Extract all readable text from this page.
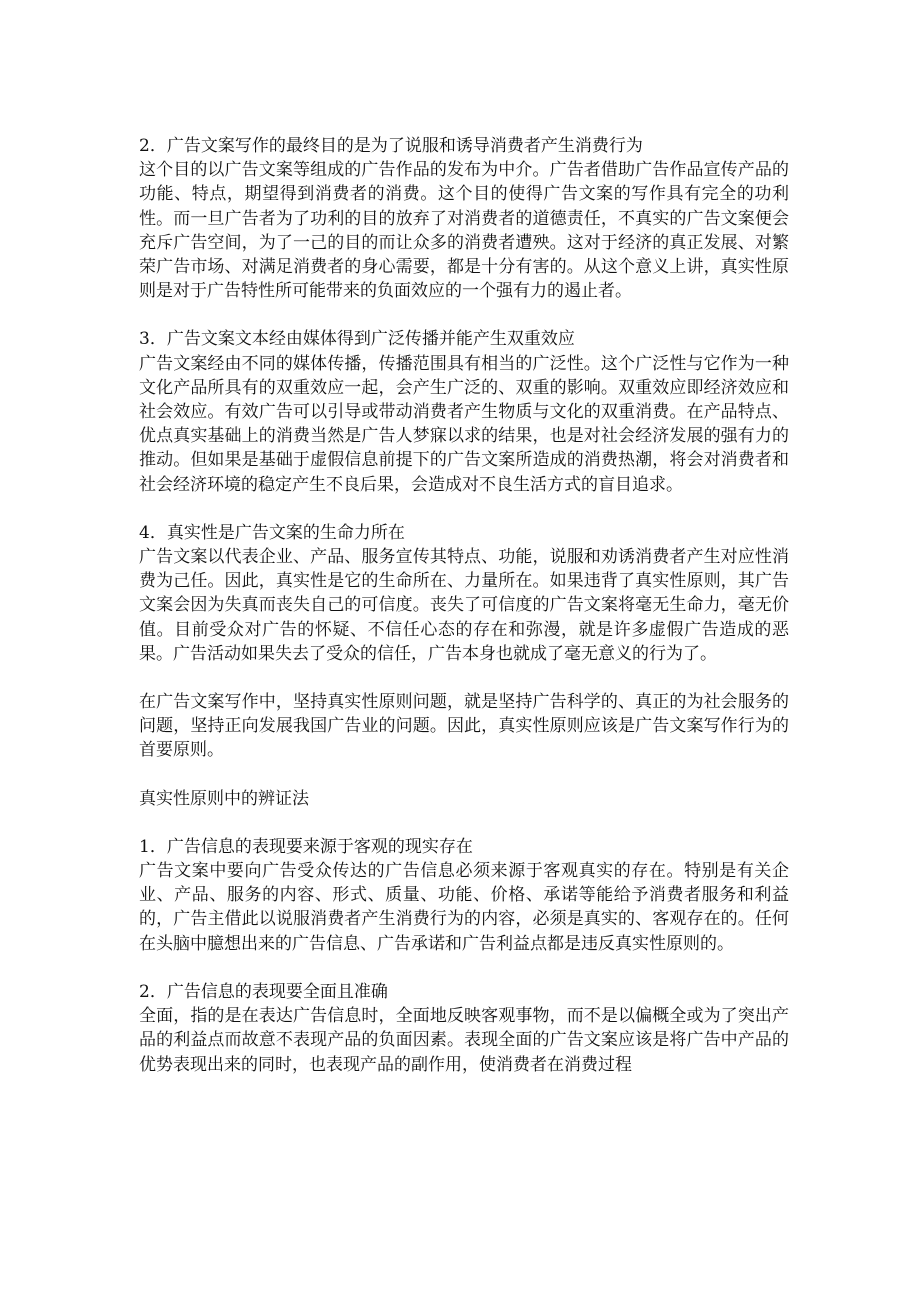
2．广告文案写作的最终目的是为了说服和诱导消费者产生消费行为

这个目的以广告文案等组成的广告作品的发布为中介。广告者借助广告作品宣传产品的功能、特点，期望得到消费者的消费。这个目的使得广告文案的写作具有完全的功利性。而一旦广告者为了功利的目的放弃了对消费者的道德责任，不真实的广告文案便会充斥广告空间，为了一己的目的而让众多的消费者遭殃。这对于经济的真正发展、对繁荣广告市场、对满足消费者的身心需要，都是十分有害的。从这个意义上讲，真实性原则是对于广告特性所可能带来的负面效应的一个强有力的遏止者。

3．广告文案文本经由媒体得到广泛传播并能产生双重效应

广告文案经由不同的媒体传播，传播范围具有相当的广泛性。这个广泛性与它作为一种文化产品所具有的双重效应一起，会产生广泛的、双重的影响。双重效应即经济效应和社会效应。有效广告可以引导或带动消费者产生物质与文化的双重消费。在产品特点、优点真实基础上的消费当然是广告人梦寐以求的结果，也是对社会经济发展的强有力的推动。但如果是基础于虚假信息前提下的广告文案所造成的消费热潮，将会对消费者和社会经济环境的稳定产生不良后果，会造成对不良生活方式的盲目追求。

4．真实性是广告文案的生命力所在

广告文案以代表企业、产品、服务宣传其特点、功能，说服和劝诱消费者产生对应性消费为己任。因此，真实性是它的生命所在、力量所在。如果违背了真实性原则，其广告文案会因为失真而丧失自己的可信度。丧失了可信度的广告文案将毫无生命力，毫无价值。目前受众对广告的怀疑、不信任心态的存在和弥漫，就是许多虚假广告造成的恶果。广告活动如果失去了受众的信任，广告本身也就成了毫无意义的行为了。

在广告文案写作中，坚持真实性原则问题，就是坚持广告科学的、真正的为社会服务的问题，坚持正向发展我国广告业的问题。因此，真实性原则应该是广告文案写作行为的首要原则。

真实性原则中的辨证法

1．广告信息的表现要来源于客观的现实存在

广告文案中要向广告受众传达的广告信息必须来源于客观真实的存在。特别是有关企业、产品、服务的内容、形式、质量、功能、价格、承诺等能给予消费者服务和利益的，广告主借此以说服消费者产生消费行为的内容，必须是真实的、客观存在的。任何在头脑中臆想出来的广告信息、广告承诺和广告利益点都是违反真实性原则的。

2．广告信息的表现要全面且准确

全面，指的是在表达广告信息时，全面地反映客观事物，而不是以偏概全或为了突出产品的利益点而故意不表现产品的负面因素。表现全面的广告文案应该是将广告中产品的优势表现出来的同时，也表现产品的副作用，使消费者在消费过程
